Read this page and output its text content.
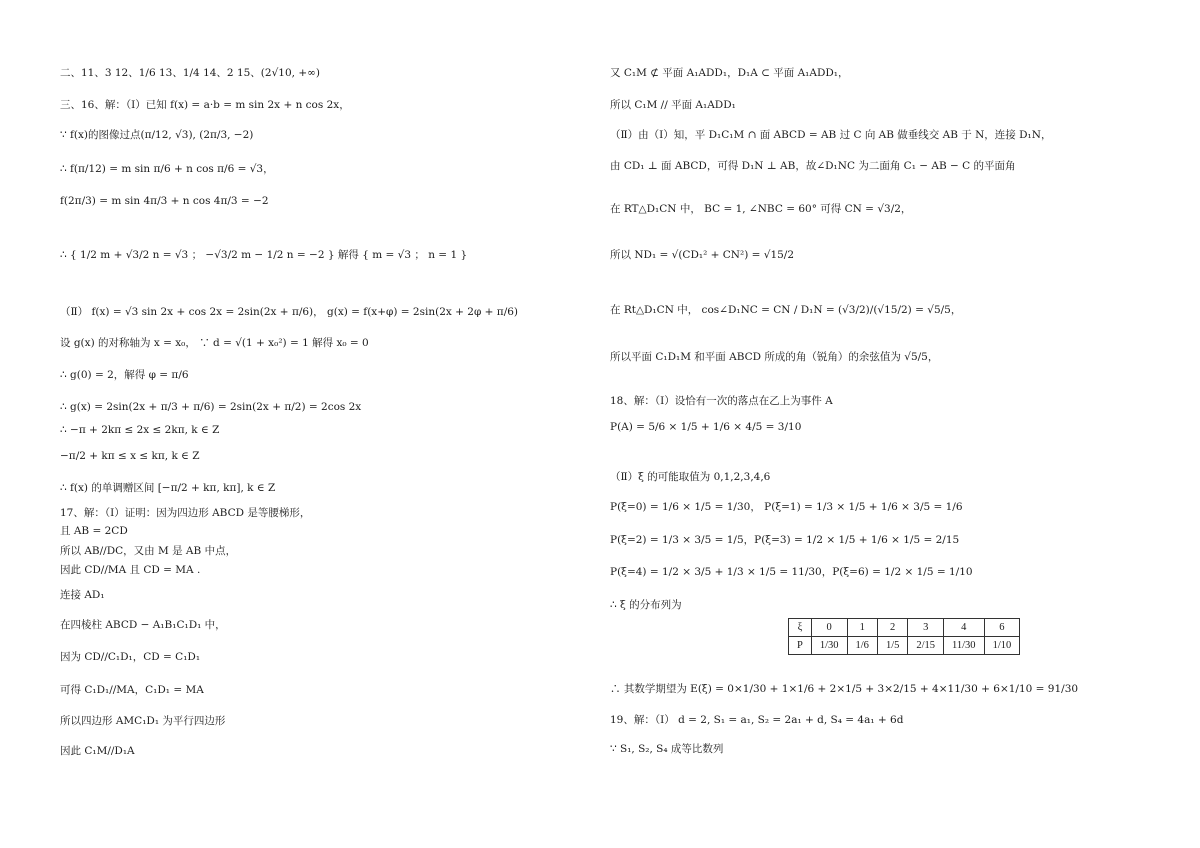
二、11、3 12、1/6 13、1/4 14、2 15、(2√10, +∞)
三、16、解：（Ⅰ）已知 f(x) = a·b = m sin 2x + n cos 2x，
∵ f(x)的图像过点(π/12, √3), (2π/3, −2)
∴ f(π/12) = m sin π/6 + n cos π/6 = √3，
f(2π/3) = m sin 4π/3 + n cos 4π/3 = −2
∴ { 1/2 m + √3/2 n = √3 ； −√3/2 m − 1/2 n = −2 } 解得 { m = √3 ； n = 1 }
（Ⅱ） f(x) = √3 sin 2x + cos 2x = 2sin(2x + π/6)， g(x) = f(x+φ) = 2sin(2x + 2φ + π/6)
设 g(x) 的对称轴为 x = x₀， ∵ d = √(1 + x₀²) = 1 解得 x₀ = 0
∴ g(0) = 2，解得 φ = π/6
∴ g(x) = 2sin(2x + π/3 + π/6) = 2sin(2x + π/2) = 2cos 2x
∴ −π + 2kπ ≤ 2x ≤ 2kπ, k ∈ Z
−π/2 + kπ ≤ x ≤ kπ, k ∈ Z
∴ f(x) 的单调赠区间 [−π/2 + kπ, kπ], k ∈ Z
17、解：（Ⅰ）证明：因为四边形 ABCD 是等腰梯形，
且 AB = 2CD
所以 AB//DC，又由 M 是 AB 中点，
因此 CD//MA 且 CD = MA .
连接 AD₁
在四棱柱 ABCD − A₁B₁C₁D₁ 中，
因为 CD//C₁D₁，CD = C₁D₁
可得 C₁D₁//MA，C₁D₁ = MA
所以四边形 AMC₁D₁ 为平行四边形
因此 C₁M//D₁A
又 C₁M ⊄ 平面 A₁ADD₁，D₁A ⊂ 平面 A₁ADD₁，
所以 C₁M // 平面 A₁ADD₁
（Ⅱ）由（Ⅰ）知，平 D₁C₁M ∩ 面 ABCD = AB 过 C 向 AB 做垂线交 AB 于 N，连接 D₁N，
由 CD₁ ⊥ 面 ABCD，可得 D₁N ⊥ AB，故∠D₁NC 为二面角 C₁ − AB − C 的平面角
在 RT△D₁CN 中， BC = 1, ∠NBC = 60° 可得 CN = √3/2，
所以 ND₁ = √(CD₁² + CN²) = √15/2
在 Rt△D₁CN 中， cos∠D₁NC = CN / D₁N = (√3/2)/(√15/2) = √5/5，
所以平面 C₁D₁M 和平面 ABCD 所成的角（锐角）的余弦值为 √5/5，
18、解：（Ⅰ）设恰有一次的落点在乙上为事件 A
P(A) = 5/6 × 1/5 + 1/6 × 4/5 = 3/10
（Ⅱ）ξ 的可能取值为 0,1,2,3,4,6
P(ξ=0) = 1/6 × 1/5 = 1/30， P(ξ=1) = 1/3 × 1/5 + 1/6 × 3/5 = 1/6
P(ξ=2) = 1/3 × 3/5 = 1/5，P(ξ=3) = 1/2 × 1/5 + 1/6 × 1/5 = 2/15
P(ξ=4) = 1/2 × 3/5 + 1/3 × 1/5 = 11/30，P(ξ=6) = 1/2 × 1/5 = 1/10
∴ ξ 的分布列为
ξ	0	1	2	3	4	6
P	1/30	1/6	1/5	2/15	11/30	1/10
∴ 其数学期望为 E(ξ) = 0×1/30 + 1×1/6 + 2×1/5 + 3×2/15 + 4×11/30 + 6×1/10 = 91/30
19、解：（Ⅰ） d = 2, S₁ = a₁, S₂ = 2a₁ + d, S₄ = 4a₁ + 6d
∵ S₁, S₂, S₄ 成等比数列
